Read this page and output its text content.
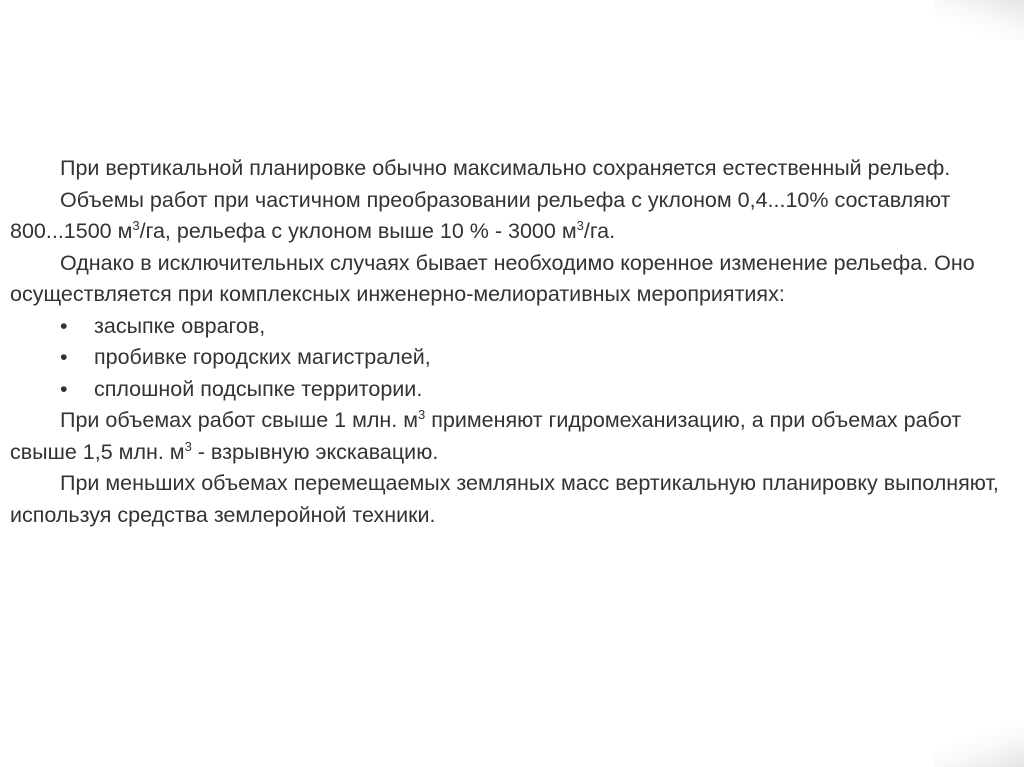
При вертикальной планировке обычно максимально сохраняется естественный рельеф.

Объемы работ при частичном преобразовании рельефа с уклоном 0,4...10% составляют 800...1500 $м^3/га$, рельефа с уклоном выше 10 % - 3000 $м^3/га$.

Однако в исключительных случаях бывает необходимо коренное изменение рельефа. Оно осуществляется при комплексных инженерно-мелиоративных мероприятиях:

• засыпке оврагов,

• пробивке городских магистралей,

• сплошной подсыпке территории.

При объемах работ свыше 1 млн. $м^3$ применяют гидромеханизацию, а при объемах работ свыше 1,5 млн. $м^3$ - взрывную экскавацию.

При меньших объемах перемещаемых земляных масс вертикальную планировку выполняют, используя средства землеройной техники.
